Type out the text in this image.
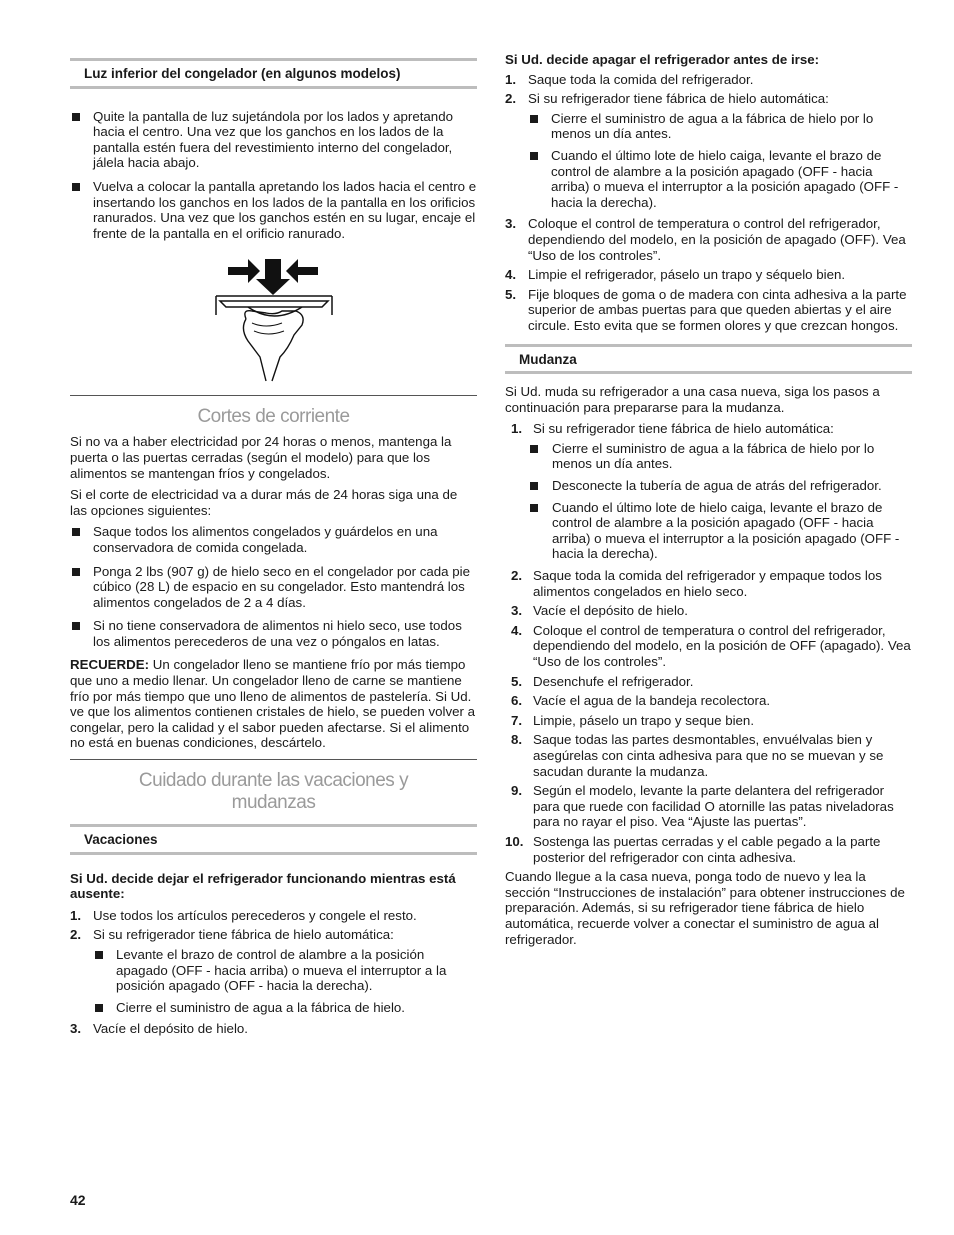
Luz inferior del congelador (en algunos modelos)
Quite la pantalla de luz sujetándola por los lados y apretando hacia el centro. Una vez que los ganchos en los lados de la pantalla estén fuera del revestimiento interno del congelador, jálela hacia abajo.
Vuelva a colocar la pantalla apretando los lados hacia el centro e insertando los ganchos en los lados de la pantalla en los orificios ranurados. Una vez que los ganchos estén en su lugar, encaje el frente de la pantalla en el orificio ranurado.
Cortes de corriente

Si no va a haber electricidad por 24 horas o menos, mantenga la puerta o las puertas cerradas (según el modelo) para que los alimentos se mantengan fríos y congelados.

Si el corte de electricidad va a durar más de 24 horas siga una de las opciones siguientes:

Saque todos los alimentos congelados y guárdelos en una conservadora de comida congelada.
Ponga 2 lbs (907 g) de hielo seco en el congelador por cada pie cúbico (28 L) de espacio en su congelador. Esto mantendrá los alimentos congelados de 2 a 4 días.
Si no tiene conservadora de alimentos ni hielo seco, use todos los alimentos perecederos de una vez o póngalos en latas.

RECUERDE: Un congelador lleno se mantiene frío por más tiempo que uno a medio llenar. Un congelador lleno de carne se mantiene frío por más tiempo que uno lleno de alimentos de pastelería. Si Ud. ve que los alimentos contienen cristales de hielo, se pueden volver a congelar, pero la calidad y el sabor pueden afectarse. Si el alimento no está en buenas condiciones, descártelo.

Cuidado durante las vacaciones y mudanzas
Vacaciones

Si Ud. decide dejar el refrigerador funcionando mientras está ausente:

1. Use todos los artículos perecederos y congele el resto.
2. Si su refrigerador tiene fábrica de hielo automática:
Levante el brazo de control de alambre a la posición apagado (OFF - hacia arriba) o mueva el interruptor a la posición apagado (OFF - hacia la derecha).
Cierre el suministro de agua a la fábrica de hielo.
3. Vacíe el depósito de hielo.

Si Ud. decide apagar el refrigerador antes de irse:

1. Saque toda la comida del refrigerador.
2. Si su refrigerador tiene fábrica de hielo automática:
Cierre el suministro de agua a la fábrica de hielo por lo menos un día antes.
Cuando el último lote de hielo caiga, levante el brazo de control de alambre a la posición apagado (OFF - hacia arriba) o mueva el interruptor a la posición apagado (OFF - hacia la derecha).
3. Coloque el control de temperatura o control del refrigerador, dependiendo del modelo, en la posición de apagado (OFF). Vea “Uso de los controles”.
4. Limpie el refrigerador, páselo un trapo y séquelo bien.
5. Fije bloques de goma o de madera con cinta adhesiva a la parte superior de ambas puertas para que queden abiertas y el aire circule. Esto evita que se formen olores y que crezcan hongos.
Mudanza

Si Ud. muda su refrigerador a una casa nueva, siga los pasos a continuación para prepararse para la mudanza.

1. Si su refrigerador tiene fábrica de hielo automática:
Cierre el suministro de agua a la fábrica de hielo por lo menos un día antes.
Desconecte la tubería de agua de atrás del refrigerador.
Cuando el último lote de hielo caiga, levante el brazo de control de alambre a la posición apagado (OFF - hacia arriba) o mueva el interruptor a la posición apagado (OFF - hacia la derecha).
2. Saque toda la comida del refrigerador y empaque todos los alimentos congelados en hielo seco.
3. Vacíe el depósito de hielo.
4. Coloque el control de temperatura o control del refrigerador, dependiendo del modelo, en la posición de OFF (apagado). Vea “Uso de los controles”.
5. Desenchufe el refrigerador.
6. Vacíe el agua de la bandeja recolectora.
7. Limpie, páselo un trapo y seque bien.
8. Saque todas las partes desmontables, envuélvalas bien y asegúrelas con cinta adhesiva para que no se muevan y se sacudan durante la mudanza.
9. Según el modelo, levante la parte delantera del refrigerador para que ruede con facilidad O atornille las patas niveladoras para no rayar el piso. Vea “Ajuste las puertas”.
10. Sostenga las puertas cerradas y el cable pegado a la parte posterior del refrigerador con cinta adhesiva.

Cuando llegue a la casa nueva, ponga todo de nuevo y lea la sección “Instrucciones de instalación” para obtener instrucciones de preparación. Además, si su refrigerador tiene fábrica de hielo automática, recuerde volver a conectar el suministro de agua al refrigerador.

42
